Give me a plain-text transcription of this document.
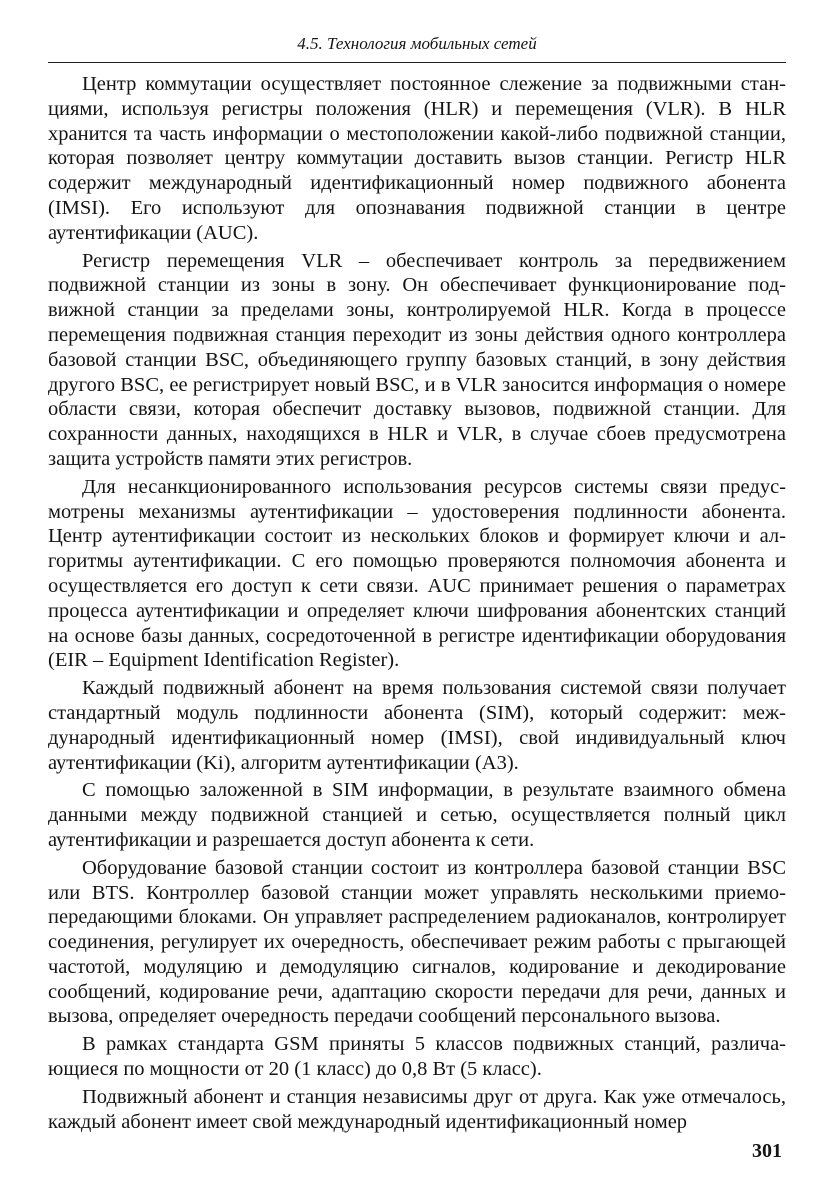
4.5. Технология мобильных сетей

Центр коммутации осуществляет постоянное слежение за подвижными станциями, используя регистры положения (HLR) и перемещения (VLR). В HLR хранится та часть информации о местоположении какой-либо подвижной станции, которая позволяет центру коммутации доставить вызов станции. Регистр HLR содержит международный идентификационный номер подвижного абонента (IMSI). Его используют для опознавания подвижной станции в центре аутентификации (AUC).

Регистр перемещения VLR – обеспечивает контроль за передвижением подвижной станции из зоны в зону. Он обеспечивает функционирование подвижной станции за пределами зоны, контролируемой HLR. Когда в процессе перемещения подвижная станция переходит из зоны действия одного контроллера базовой станции BSC, объединяющего группу базовых станций, в зону действия другого BSC, ее регистрирует новый BSC, и в VLR заносится информация о номере области связи, которая обеспечит доставку вызовов, подвижной станции. Для сохранности данных, находящихся в HLR и VLR, в случае сбоев предусмотрена защита устройств памяти этих регистров.

Для несанкционированного использования ресурсов системы связи предусмотрены механизмы аутентификации – удостоверения подлинности абонента. Центр аутентификации состоит из нескольких блоков и формирует ключи и алгоритмы аутентификации. С его помощью проверяются полномочия абонента и осуществляется его доступ к сети связи. AUC принимает решения о параметрах процесса аутентификации и определяет ключи шифрования абонентских станций на основе базы данных, сосредоточенной в регистре идентификации оборудования (EIR – Equipment Identification Register).

Каждый подвижный абонент на время пользования системой связи получает стандартный модуль подлинности абонента (SIM), который содержит: международный идентификационный номер (IMSI), свой индивидуальный ключ аутентификации (Ki), алгоритм аутентификации (A3).

С помощью заложенной в SIM информации, в результате взаимного обмена данными между подвижной станцией и сетью, осуществляется полный цикл аутентификации и разрешается доступ абонента к сети.

Оборудование базовой станции состоит из контроллера базовой станции BSC или BTS. Контроллер базовой станции может управлять несколькими приемопередающими блоками. Он управляет распределением радиоканалов, контролирует соединения, регулирует их очередность, обеспечивает режим работы с прыгающей частотой, модуляцию и демодуляцию сигналов, кодирование и декодирование сообщений, кодирование речи, адаптацию скорости передачи для речи, данных и вызова, определяет очередность передачи сообщений персонального вызова.

В рамках стандарта GSM приняты 5 классов подвижных станций, различающиеся по мощности от 20 (1 класс) до 0,8 Вт (5 класс).

Подвижный абонент и станция независимы друг от друга. Как уже отмечалось, каждый абонент имеет свой международный идентификационный номер

301
